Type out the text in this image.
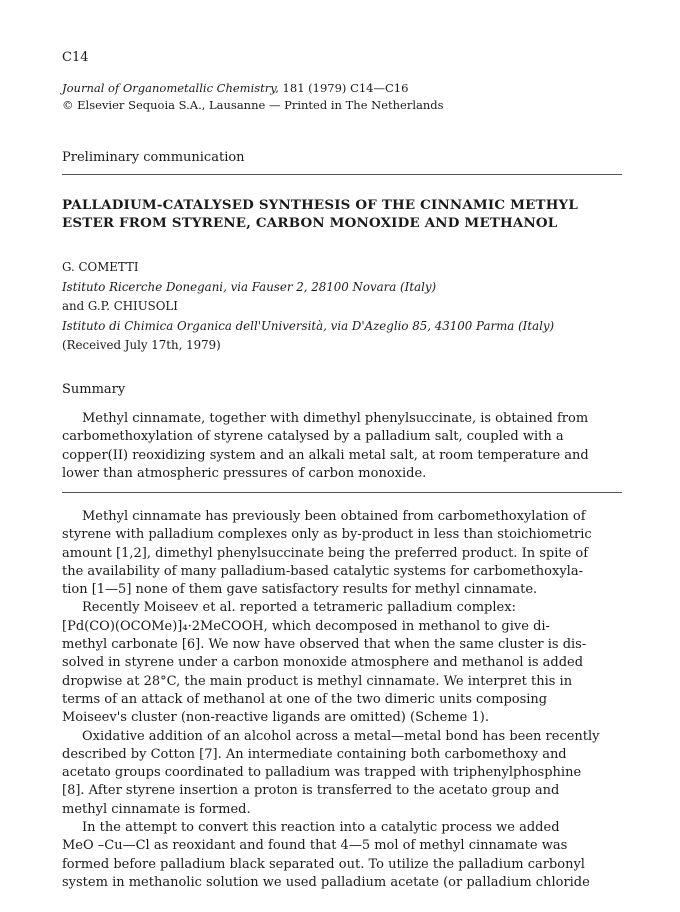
C14
Journal of Organometallic Chemistry, 181 (1979) C14—C16
© Elsevier Sequoia S.A., Lausanne — Printed in The Netherlands
Preliminary communication
PALLADIUM-CATALYSED SYNTHESIS OF THE CINNAMIC METHYL
ESTER FROM STYRENE, CARBON MONOXIDE AND METHANOL
G. COMETTI
Istituto Ricerche Donegani, via Fauser 2, 28100 Novara (Italy)
and G.P. CHIUSOLI
Istituto di Chimica Organica dell'Università, via D'Azeglio 85, 43100 Parma (Italy)
(Received July 17th, 1979)
Summary
Methyl cinnamate, together with dimethyl phenylsuccinate, is obtained from
carbomethoxylation of styrene catalysed by a palladium salt, coupled with a
copper(II) reoxidizing system and an alkali metal salt, at room temperature and
lower than atmospheric pressures of carbon monoxide.
Methyl cinnamate has previously been obtained from carbomethoxylation of
styrene with palladium complexes only as by-product in less than stoichiometric
amount [1,2], dimethyl phenylsuccinate being the preferred product. In spite of
the availability of many palladium-based catalytic systems for carbomethoxyla-
tion [1—5] none of them gave satisfactory results for methyl cinnamate.
Recently Moiseev et al. reported a tetrameric palladium complex:
[Pd(CO)(OCOMe)]₄·2MeCOOH, which decomposed in methanol to give di-
methyl carbonate [6]. We now have observed that when the same cluster is dis-
solved in styrene under a carbon monoxide atmosphere and methanol is added
dropwise at 28°C, the main product is methyl cinnamate. We interpret this in
terms of an attack of methanol at one of the two dimeric units composing
Moiseev's cluster (non-reactive ligands are omitted) (Scheme 1).
Oxidative addition of an alcohol across a metal—metal bond has been recently
described by Cotton [7]. An intermediate containing both carbomethoxy and
acetato groups coordinated to palladium was trapped with triphenylphosphine
[8]. After styrene insertion a proton is transferred to the acetato group and
methyl cinnamate is formed.
In the attempt to convert this reaction into a catalytic process we added
MeO –Cu—Cl as reoxidant and found that 4—5 mol of methyl cinnamate was
formed before palladium black separated out. To utilize the palladium carbonyl
system in methanolic solution we used palladium acetate (or palladium chloride
